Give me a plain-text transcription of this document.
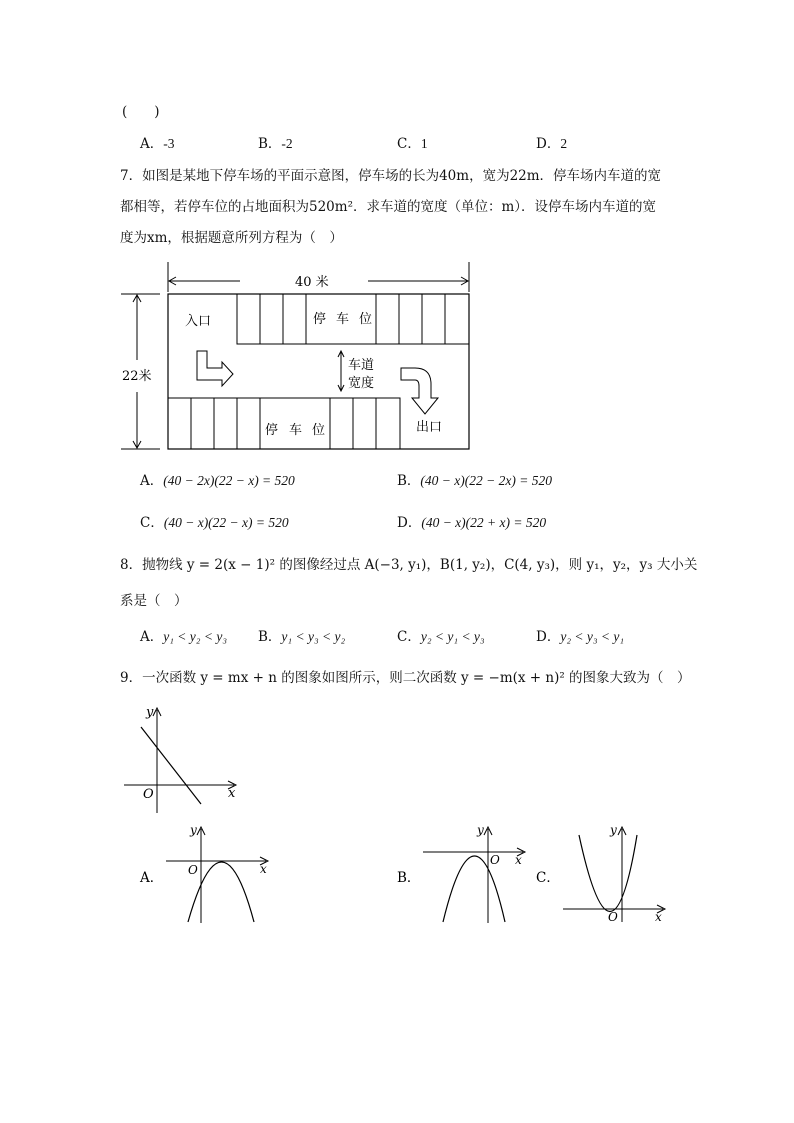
(　　)
A．-3	B．-2	C．1	D．2
7．如图是某地下停车场的平面示意图，停车场的长为40m，宽为22m．停车场内车道的宽
都相等，若停车位的占地面积为520m²．求车道的宽度（单位：m）．设停车场内车道的宽
度为xm，根据题意所列方程为（　）
40 米
22米
停 车 位
入口
停 车 位	出口
车道
宽度
A．(40 − 2x)(22 − x) = 520	B．(40 − x)(22 − 2x) = 520
C．(40 − x)(22 − x) = 520	D．(40 − x)(22 + x) = 520
8．抛物线 y = 2(x − 1)² 的图像经过点 A(−3, y₁)，B(1, y₂)，C(4, y₃)，则 y₁，y₂，y₃ 大小关
系是（　）
A．y₁ < y₂ < y₃ B．y₁ < y₃ < y₂	C．y₂ < y₁ < y₃	D．y₂ < y₃ < y₁
9．一次函数 y = mx + n 的图象如图所示，则二次函数 y = −m(x + n)² 的图象大致为（　）
y
x
O
A．
y
x
O	B．
y
x
O
C．
y
x
O
